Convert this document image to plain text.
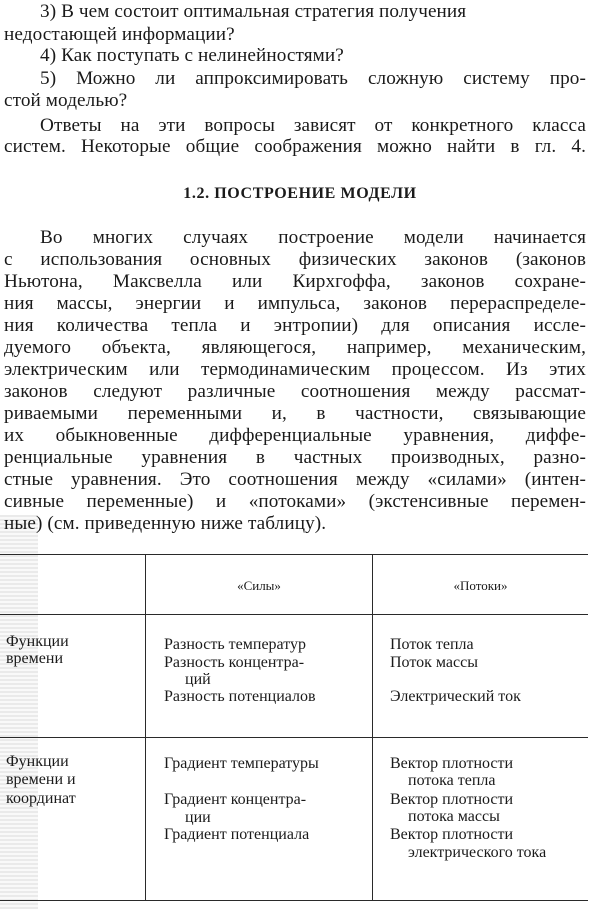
3) В чем состоит оптимальная стратегия получения
недостающей информации?
4) Как поступать с нелинейностями?
5) Можно ли аппроксимировать сложную систему про-
стой моделью?
Ответы на эти вопросы зависят от конкретного класса
систем. Некоторые общие соображения можно найти в гл. 4.
1.2. ПОСТРОЕНИЕ МОДЕЛИ
Во многих случаях построение модели начинается
с использования основных физических законов (законов
Ньютона, Максвелла или Кирхгоффа, законов сохране-
ния массы, энергии и импульса, законов перераспределе-
ния количества тепла и энтропии) для описания иссле-
дуемого объекта, являющегося, например, механическим,
электрическим или термодинамическим процессом. Из этих
законов следуют различные соотношения между рассмат-
риваемыми переменными и, в частности, связывающие
их обыкновенные дифференциальные уравнения, диффе-
ренциальные уравнения в частных производных, разно-
стные уравнения. Это соотношения между «силами» (интен-
сивные переменные) и «потоками» (экстенсивные перемен-
ные) (см. приведенную ниже таблицу).
«Силы»	«Потоки»
Функции
времени
Разность температур
Разность концентра-
ций
Разность потенциалов
Поток тепла
Поток массы
Электрический ток
Функции
времени и
координат
Градиент температуры
Градиент концентра-
ции
Градиент потенциала
Вектор плотности
потока тепла
Вектор плотности
потока массы
Вектор плотности
электрического тока
